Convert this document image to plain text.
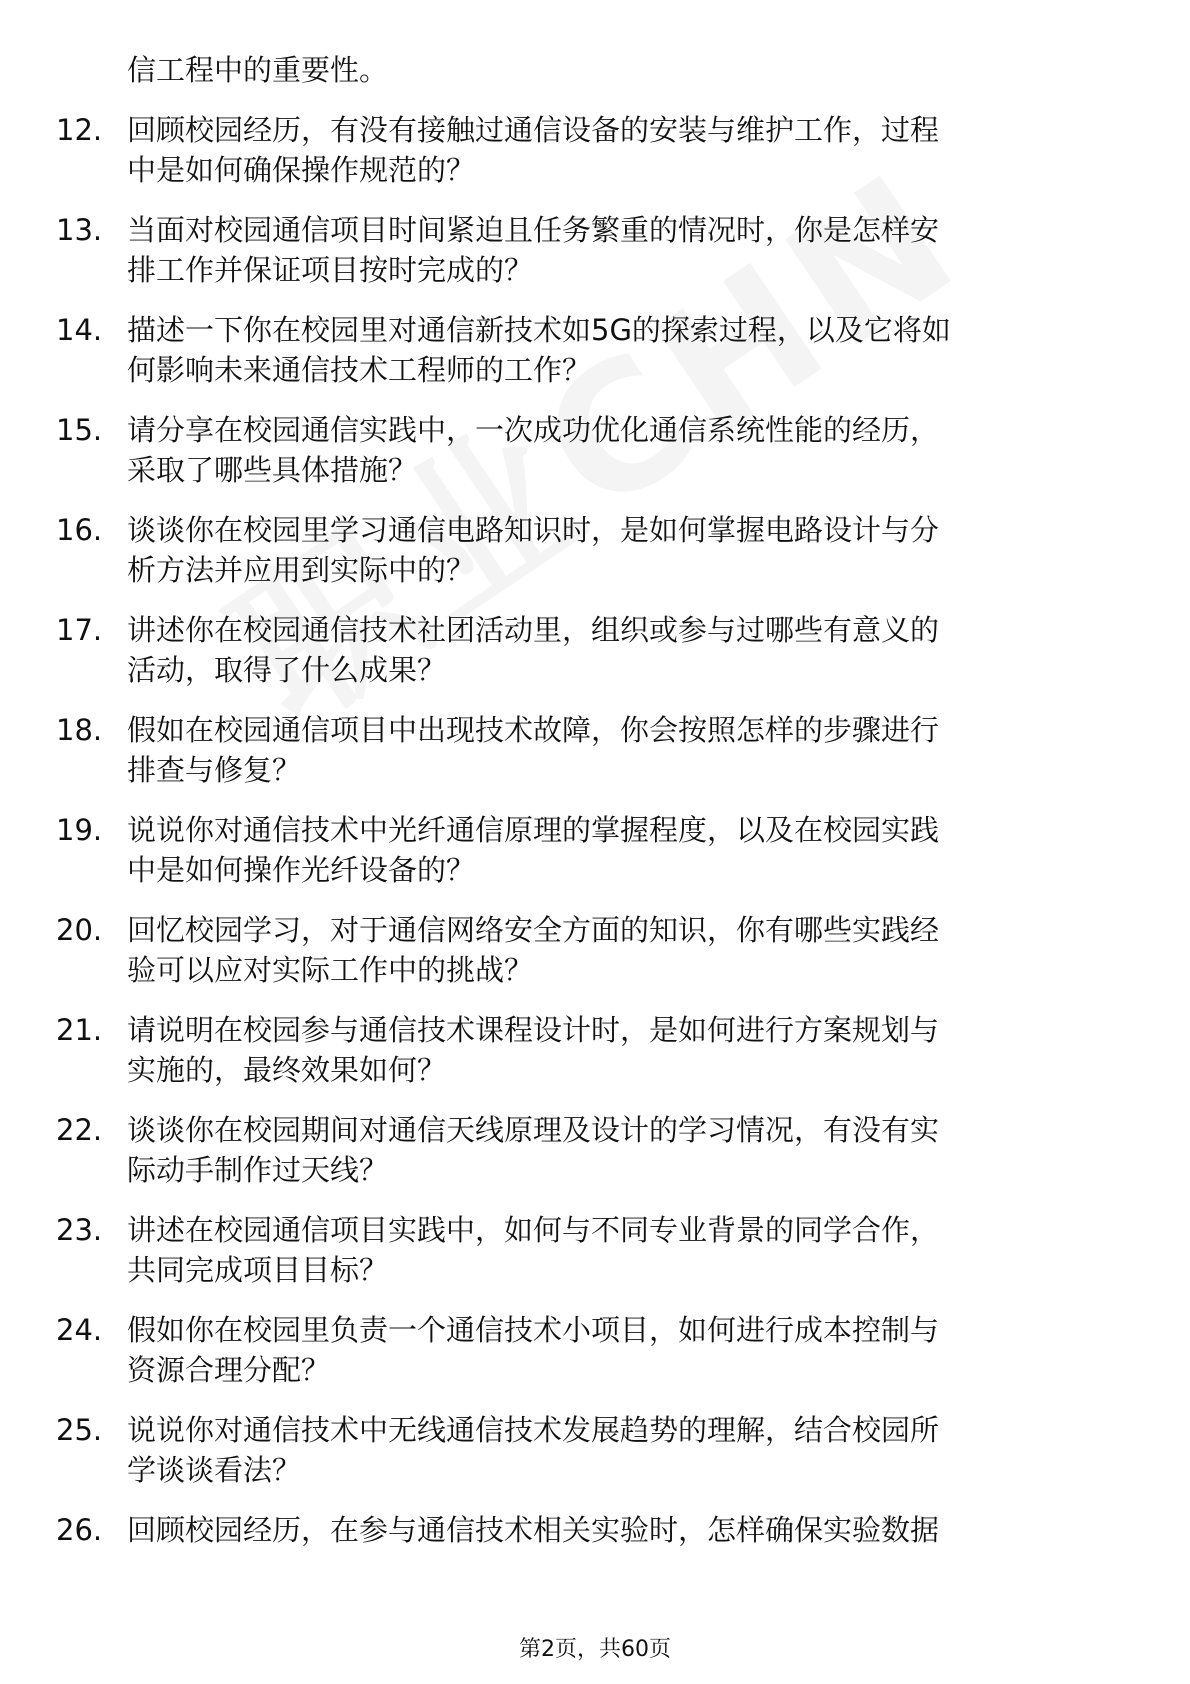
信工程中的重要性。
12. 回顾校园经历，有没有接触过通信设备的安装与维护工作，过程
中是如何确保操作规范的？
13. 当面对校园通信项目时间紧迫且任务繁重的情况时，你是怎样安
排工作并保证项目按时完成的？
14. 描述一下你在校园里对通信新技术如5G的探索过程，以及它将如
何影响未来通信技术工程师的工作？
15. 请分享在校园通信实践中，一次成功优化通信系统性能的经历，
采取了哪些具体措施？
16. 谈谈你在校园里学习通信电路知识时，是如何掌握电路设计与分
析方法并应用到实际中的？
17. 讲述你在校园通信技术社团活动里，组织或参与过哪些有意义的
活动，取得了什么成果？
18. 假如在校园通信项目中出现技术故障，你会按照怎样的步骤进行
排查与修复？
19. 说说你对通信技术中光纤通信原理的掌握程度，以及在校园实践
中是如何操作光纤设备的？
20. 回忆校园学习，对于通信网络安全方面的知识，你有哪些实践经
验可以应对实际工作中的挑战？
21. 请说明在校园参与通信技术课程设计时，是如何进行方案规划与
实施的，最终效果如何？
22. 谈谈你在校园期间对通信天线原理及设计的学习情况，有没有实
际动手制作过天线？
23. 讲述在校园通信项目实践中，如何与不同专业背景的同学合作，
共同完成项目目标？
24. 假如你在校园里负责一个通信技术小项目，如何进行成本控制与
资源合理分配？
25. 说说你对通信技术中无线通信技术发展趋势的理解，结合校园所
学谈谈看法？
26. 回顾校园经历，在参与通信技术相关实验时，怎样确保实验数据
第2页，共60页
